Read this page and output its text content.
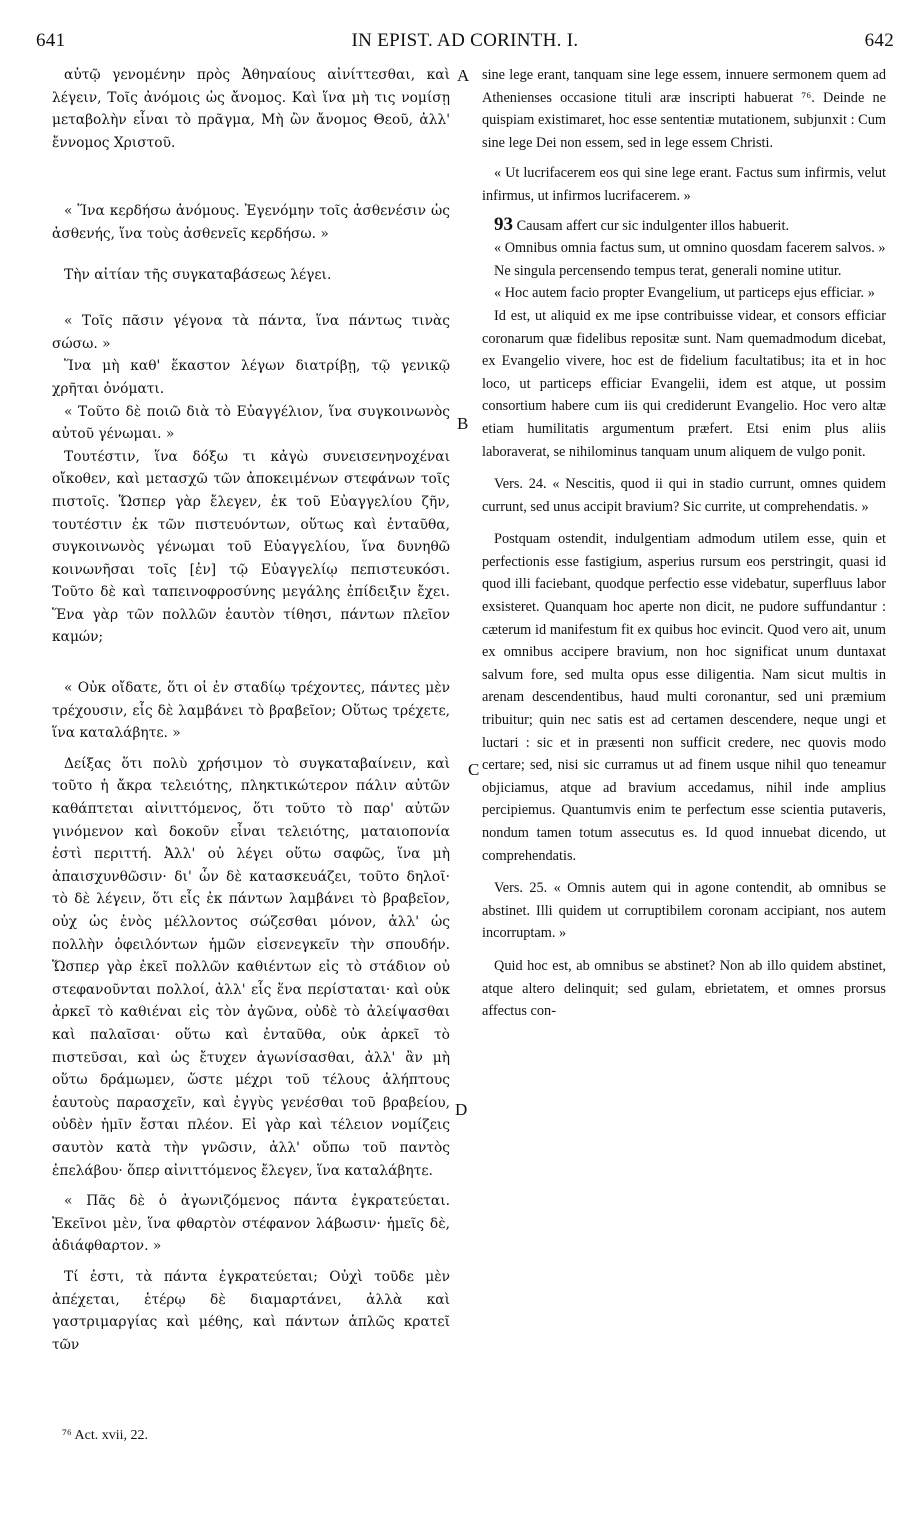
641	IN EPIST. AD CORINTH. I.	642

αὐτῷ γενομένην πρὸς Ἀθηναίους αἰνίττεσθαι, καὶ λέγειν, Τοῖς ἀνόμοις ὡς ἄνομος. Καὶ ἵνα μὴ τις νομίσῃ μεταβολὴν εἶναι τὸ πρᾶγμα, Μὴ ὢν ἄνομος Θεοῦ, ἀλλ' ἔννομος Χριστοῦ.

« Ἵνα κερδήσω ἀνόμους. Ἐγενόμην τοῖς ἀσθενέσιν ὡς ἀσθενής, ἵνα τοὺς ἀσθενεῖς κερδήσω. »

Τὴν αἰτίαν τῆς συγκαταβάσεως λέγει.

« Τοῖς πᾶσιν γέγονα τὰ πάντα, ἵνα πάντως τινὰς σώσω. »

Ἵνα μὴ καθ' ἕκαστον λέγων διατρίβῃ, τῷ γενικῷ χρῆται ὀνόματι.

« Τοῦτο δὲ ποιῶ διὰ τὸ Εὐαγγέλιον, ἵνα συγκοινωνὸς αὐτοῦ γένωμαι. »

Τουτέστιν, ἵνα δόξω τι κἀγὼ συνεισενηνοχέναι οἴκοθεν, καὶ μετασχῶ τῶν ἀποκειμένων στεφάνων τοῖς πιστοῖς. Ὥσπερ γὰρ ἔλεγεν, ἐκ τοῦ Εὐαγγελίου ζῆν, τουτέστιν ἐκ τῶν πιστευόντων, οὕτως καὶ ἐνταῦθα, συγκοινωνὸς γένωμαι τοῦ Εὐαγγελίου, ἵνα δυνηθῶ κοινωνῆσαι τοῖς [ἐν] τῷ Εὐαγγελίῳ πεπιστευκόσι. Τοῦτο δὲ καὶ ταπεινοφροσύνης μεγάλης ἐπίδειξιν ἔχει. Ἕνα γὰρ τῶν πολλῶν ἑαυτὸν τίθησι, πάντων πλεῖον καμών;

« Οὐκ οἴδατε, ὅτι οἱ ἐν σταδίῳ τρέχοντες, πάντες μὲν τρέχουσιν, εἷς δὲ λαμβάνει τὸ βραβεῖον; Οὕτως τρέχετε, ἵνα καταλάβητε. »

Δείξας ὅτι πολὺ χρήσιμον τὸ συγκαταβαίνειν, καὶ τοῦτο ἡ ἄκρα τελειότης, πληκτικώτερον πάλιν αὐτῶν καθάπτεται αἰνιττόμενος, ὅτι τοῦτο τὸ παρ' αὐτῶν γινόμενον καὶ δοκοῦν εἶναι τελειότης, ματαιοπονία ἐστὶ περιττή. Ἀλλ' οὐ λέγει οὕτω σαφῶς, ἵνα μὴ ἀπαισχυνθῶσιν· δι' ὧν δὲ κατασκευάζει, τοῦτο δηλοῖ· τὸ δὲ λέγειν, ὅτι εἷς ἐκ πάντων λαμβάνει τὸ βραβεῖον, οὐχ ὡς ἑνὸς μέλλοντος σώζεσθαι μόνον, ἀλλ' ὡς πολλὴν ὀφειλόντων ἡμῶν εἰσενεγκεῖν τὴν σπουδήν. Ὥσπερ γὰρ ἐκεῖ πολλῶν καθιέντων εἰς τὸ στάδιον οὐ στεφανοῦνται πολλοί, ἀλλ' εἷς ἕνα περίσταται· καὶ οὐκ ἀρκεῖ τὸ καθιέναι εἰς τὸν ἀγῶνα, οὐδὲ τὸ ἀλείψασθαι καὶ παλαῖσαι· οὕτω καὶ ἐνταῦθα, οὐκ ἀρκεῖ τὸ πιστεῦσαι, καὶ ὡς ἔτυχεν ἀγωνίσασθαι, ἀλλ' ἂν μὴ οὕτω δράμωμεν, ὥστε μέχρι τοῦ τέλους ἀλήπτους ἑαυτοὺς παρασχεῖν, καὶ ἐγγὺς γενέσθαι τοῦ βραβείου, οὐδὲν ἡμῖν ἔσται πλέον. Εἰ γὰρ καὶ τέλειον νομίζεις σαυτὸν κατὰ τὴν γνῶσιν, ἀλλ' οὔπω τοῦ παντὸς ἐπελάβου· ὅπερ αἰνιττόμενος ἔλεγεν, ἵνα καταλάβητε.

« Πᾶς δὲ ὁ ἀγωνιζόμενος πάντα ἐγκρατεύεται. Ἐκεῖνοι μὲν, ἵνα φθαρτὸν στέφανον λάβωσιν· ἡμεῖς δὲ, ἀδιάφθαρτον. »

Τί ἐστι, τὰ πάντα ἐγκρατεύεται; Οὐχὶ τοῦδε μὲν ἀπέχεται, ἑτέρῳ δὲ διαμαρτάνει, ἀλλὰ καὶ γαστριμαργίας καὶ μέθης, καὶ πάντων ἁπλῶς κρατεῖ τῶν

A
B
C
D

sine lege erant, tanquam sine lege essem, innuere sermonem quem ad Athenienses occasione tituli aræ inscripti habuerat ⁷⁶. Deinde ne quispiam existimaret, hoc esse sententiæ mutationem, subjunxit : Cum sine lege Dei non essem, sed in lege essem Christi.

« Ut lucrifacerem eos qui sine lege erant. Factus sum infirmis, velut infirmus, ut infirmos lucrifacerem. »

93 Causam affert cur sic indulgenter illos habuerit.

« Omnibus omnia factus sum, ut omnino quosdam facerem salvos. »

Ne singula percensendo tempus terat, generali nomine utitur.

« Hoc autem facio propter Evangelium, ut particeps ejus efficiar. »

Id est, ut aliquid ex me ipse contribuisse videar, et consors efficiar coronarum quæ fidelibus repositæ sunt. Nam quemadmodum dicebat, ex Evangelio vivere, hoc est de fidelium facultatibus; ita et in hoc loco, ut particeps efficiar Evangelii, idem est atque, ut possim consortium habere cum iis qui crediderunt Evangelio. Hoc vero altæ etiam humilitatis argumentum præfert. Etsi enim plus aliis laboraverat, se nihilominus tanquam unum aliquem de vulgo ponit.

Vers. 24. « Nescitis, quod ii qui in stadio currunt, omnes quidem currunt, sed unus accipit bravium? Sic currite, ut comprehendatis. »

Postquam ostendit, indulgentiam admodum utilem esse, quin et perfectionis esse fastigium, asperius rursum eos perstringit, quasi id quod illi faciebant, quodque perfectio esse videbatur, superfluus labor exsisteret. Quanquam hoc aperte non dicit, ne pudore suffundantur : cæterum id manifestum fit ex quibus hoc evincit. Quod vero ait, unum ex omnibus accipere bravium, non hoc significat unum duntaxat salvum fore, sed multa opus esse diligentia. Nam sicut multis in arenam descendentibus, haud multi coronantur, sed uni præmium tribuitur; quin nec satis est ad certamen descendere, neque ungi et luctari : sic et in præsenti non sufficit credere, nec quovis modo certare; sed, nisi sic curramus ut ad finem usque nihil quo teneamur objiciamus, atque ad bravium accedamus, nihil inde amplius percipiemus. Quantumvis enim te perfectum esse scientia putaveris, nondum tamen totum assecutus es. Id quod innuebat dicendo, ut comprehendatis.

Vers. 25. « Omnis autem qui in agone contendit, ab omnibus se abstinet. Illi quidem ut corruptibilem coronam accipiant, nos autem incorruptam. »

Quid hoc est, ab omnibus se abstinet? Non ab illo quidem abstinet, atque altero delinquit; sed gulam, ebrietatem, et omnes prorsus affectus con-

⁷⁶ Act. xvii, 22.
